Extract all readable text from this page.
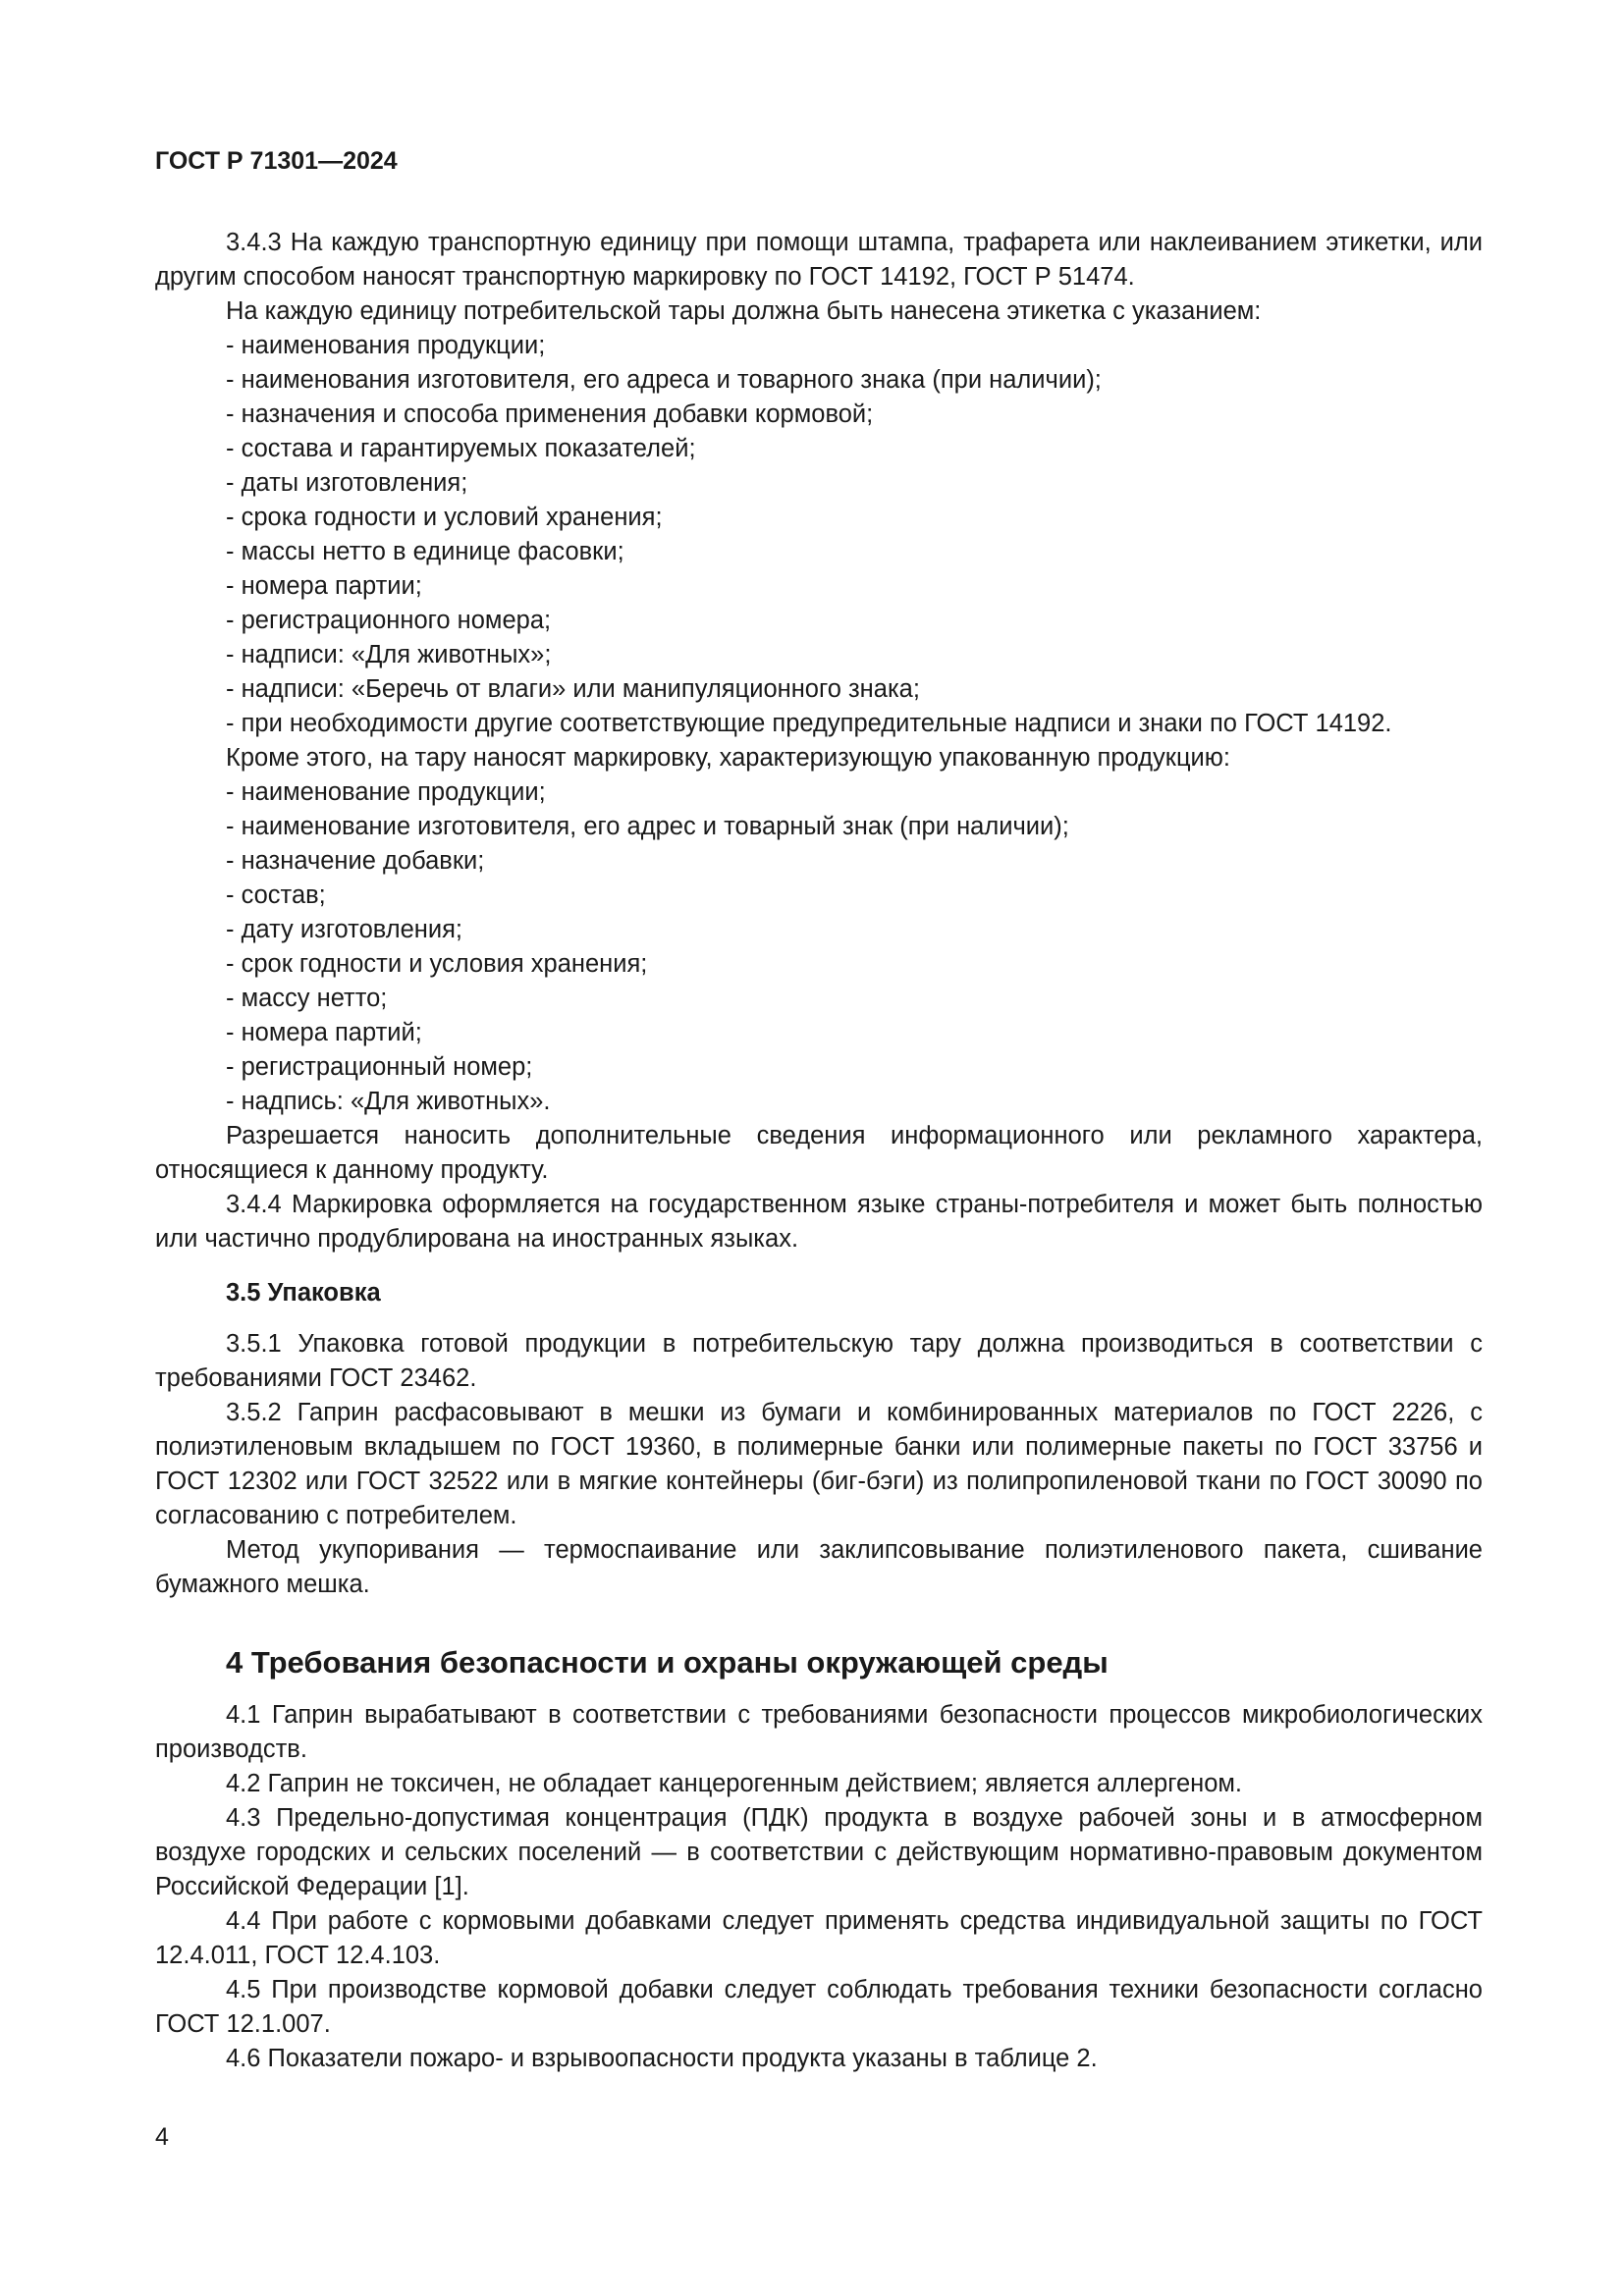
ГОСТ Р 71301—2024

3.4.3 На каждую транспортную единицу при помощи штампа, трафарета или наклеиванием этикетки, или другим способом наносят транспортную маркировку по ГОСТ 14192, ГОСТ Р 51474.

На каждую единицу потребительской тары должна быть нанесена этикетка с указанием:

- наименования продукции;

- наименования изготовителя, его адреса и товарного знака (при наличии);

- назначения и способа применения добавки кормовой;

- состава и гарантируемых показателей;

- даты изготовления;

- срока годности и условий хранения;

- массы нетто в единице фасовки;

- номера партии;

- регистрационного номера;

- надписи: «Для животных»;

- надписи: «Беречь от влаги» или манипуляционного знака;

- при необходимости другие соответствующие предупредительные надписи и знаки по ГОСТ 14192.

Кроме этого, на тару наносят маркировку, характеризующую упакованную продукцию:

- наименование продукции;

- наименование изготовителя, его адрес и товарный знак (при наличии);

- назначение добавки;

- состав;

- дату изготовления;

- срок годности и условия хранения;

- массу нетто;

- номера партий;

- регистрационный номер;

- надпись: «Для животных».

Разрешается наносить дополнительные сведения информационного или рекламного характера, относящиеся к данному продукту.

3.4.4 Маркировка оформляется на государственном языке страны-потребителя и может быть полностью или частично продублирована на иностранных языках.

3.5 Упаковка

3.5.1 Упаковка готовой продукции в потребительскую тару должна производиться в соответствии с требованиями ГОСТ 23462.

3.5.2 Гаприн расфасовывают в мешки из бумаги и комбинированных материалов по ГОСТ 2226, с полиэтиленовым вкладышем по ГОСТ 19360, в полимерные банки или полимерные пакеты по ГОСТ 33756 и ГОСТ 12302 или ГОСТ 32522 или в мягкие контейнеры (биг-бэги) из полипропиленовой ткани по ГОСТ 30090 по согласованию с потребителем.

Метод укупоривания — термоспаивание или заклипсовывание полиэтиленового пакета, сшивание бумажного мешка.

4 Требования безопасности и охраны окружающей среды

4.1 Гаприн вырабатывают в соответствии с требованиями безопасности процессов микробиологических производств.

4.2 Гаприн не токсичен, не обладает канцерогенным действием; является аллергеном.

4.3 Предельно-допустимая концентрация (ПДК) продукта в воздухе рабочей зоны и в атмосферном воздухе городских и сельских поселений — в соответствии с действующим нормативно-правовым документом Российской Федерации [1].

4.4 При работе с кормовыми добавками следует применять средства индивидуальной защиты по ГОСТ 12.4.011, ГОСТ 12.4.103.

4.5 При производстве кормовой добавки следует соблюдать требования техники безопасности согласно ГОСТ 12.1.007.

4.6 Показатели пожаро- и взрывоопасности продукта указаны в таблице 2.

4
